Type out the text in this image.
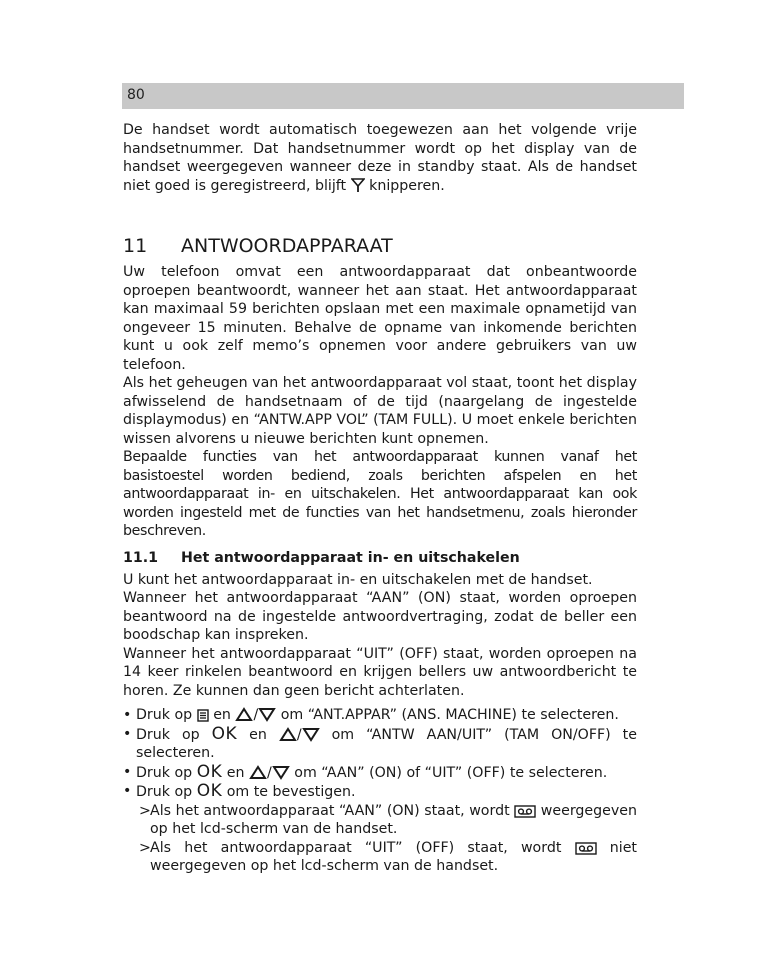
80

De handset wordt automatisch toegewezen aan het volgende vrije handsetnummer. Dat handsetnummer wordt op het display van de handset weergegeven wanneer deze in standby staat. Als de handset niet goed is geregistreerd, blijft  knipperen.

11 ANTWOORDAPPARAAT

Uw telefoon omvat een antwoordapparaat dat onbeantwoorde oproepen beantwoordt, wanneer het aan staat. Het antwoordapparaat kan maximaal 59 berichten opslaan met een maximale opnametijd van ongeveer 15 minuten. Behalve de opname van inkomende berichten kunt u ook zelf memo’s opnemen voor andere gebruikers van uw telefoon.

Als het geheugen van het antwoordapparaat vol staat, toont het display afwisselend de handsetnaam of de tijd (naargelang de ingestelde displaymodus) en “ANTW.APP VOL” (TAM FULL). U moet enkele berichten wissen alvorens u nieuwe berichten kunt opnemen.

Bepaalde functies van het antwoordapparaat kunnen vanaf het basistoestel worden bediend, zoals berichten afspelen en het antwoordapparaat in- en uitschakelen. Het antwoordapparaat kan ook worden ingesteld met de functies van het handsetmenu, zoals hieronder beschreven.

11.1 Het antwoordapparaat in- en uitschakelen

U kunt het antwoordapparaat in- en uitschakelen met de handset.

Wanneer het antwoordapparaat “AAN” (ON) staat, worden oproepen beantwoord na de ingestelde antwoordvertraging, zodat de beller een boodschap kan inspreken.

Wanneer het antwoordapparaat “UIT” (OFF) staat, worden oproepen na 14 keer rinkelen beantwoord en krijgen bellers uw antwoordbericht te horen. Ze kunnen dan geen bericht achterlaten.

• Druk op en / om “ANT.APPAR” (ANS. MACHINE) te selecteren.
• Druk op OK en / om “ANTW AAN/UIT” (TAM ON/OFF) te selecteren.
• Druk op OK en / om “AAN” (ON) of “UIT” (OFF) te selecteren.
• Druk op OK om te bevestigen.
> Als het antwoordapparaat “AAN” (ON) staat, wordt  weergegeven op het lcd-scherm van de handset.
> Als het antwoordapparaat “UIT” (OFF) staat, wordt  niet weergegeven op het lcd-scherm van de handset.
